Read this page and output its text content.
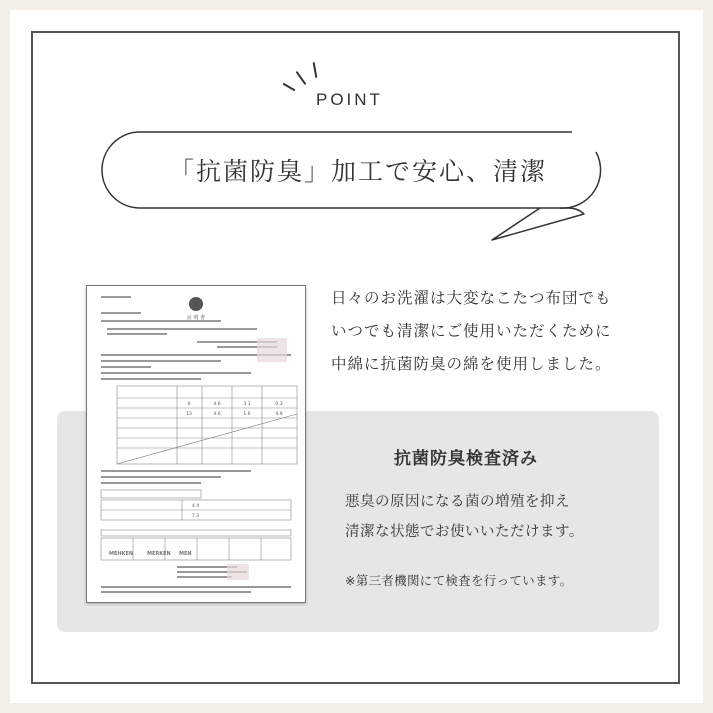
POINT
「抗菌防臭」加工で安心、清潔
日々のお洗濯は大変なこたつ布団でも
いつでも清潔にご使用いただくために
中綿に抗菌防臭の綿を使用しました。
証 明 書
0	4.6	3.1	0.3
13	4.6	1.6	4.9
4.4
7.3
MEHKEN	MERKEN MEN
抗菌防臭検査済み
悪臭の原因になる菌の増殖を抑え
清潔な状態でお使いいただけます。
※第三者機関にて検査を行っています。
